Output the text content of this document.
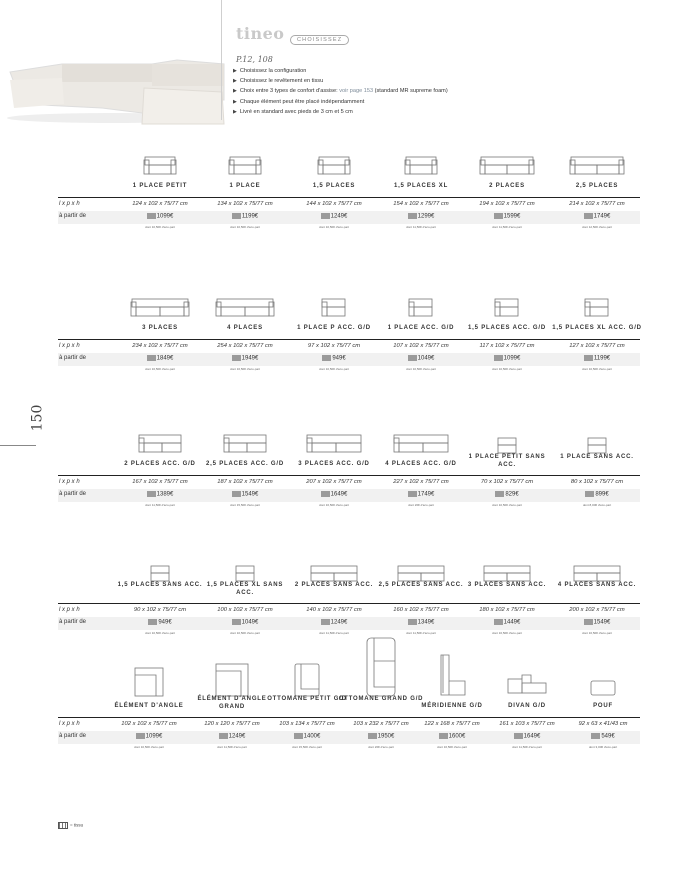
tineo	CHOISISSEZ
P.12, 108
▶ Choisissez la configuration
▶ Choisissez le revêtement en tissu
▶ Choix entre 3 types de confort d'assise: voir page 153 (standard MR supreme foam)
▶ Chaque élément peut être placé indépendamment
▶ Livré en standard avec pieds de 3 cm et 5 cm
150
l x p x h
à partir de
1 PLACE PETIT
124 x 102 x 75/77 cm
1099€
dont 10,50€ d'éco-part
1 PLACE
134 x 102 x 75/77 cm
1199€
dont 10,50€ d'éco-part
1,5 PLACES
144 x 102 x 75/77 cm
1249€
dont 10,50€ d'éco-part
1,5 PLACES XL
154 x 102 x 75/77 cm
1299€
dont 11,50€ d'éco-part
2 PLACES
194 x 102 x 75/77 cm
1599€
dont 11,50€ d'éco-part
2,5 PLACES
214 x 102 x 75/77 cm
1749€
dont 12,50€ d'éco-part
l x p x h
à partir de
3 PLACES
234 x 102 x 75/77 cm
1849€
dont 16,50€ d'éco-part
4 PLACES
254 x 102 x 75/77 cm
1949€
dont 16,50€ d'éco-part
1 PLACE P ACC. G/D
97 x 102 x 75/77 cm
949€
dont 10,50€ d'éco-part
1 PLACE ACC. G/D
107 x 102 x 75/77 cm
1049€
dont 10,50€ d'éco-part
1,5 PLACES ACC. G/D
117 x 102 x 75/77 cm
1099€
dont 10,50€ d'éco-part
1,5 PLACES XL ACC. G/D
127 x 102 x 75/77 cm
1199€
dont 10,50€ d'éco-part
l x p x h
à partir de
2 PLACES ACC. G/D
167 x 102 x 75/77 cm
1389€
dont 11,50€ d'éco-part
2,5 PLACES ACC. G/D
187 x 102 x 75/77 cm
1549€
dont 15,50€ d'éco-part
3 PLACES ACC. G/D
207 x 102 x 75/77 cm
1649€
dont 16,50€ d'éco-part
4 PLACES ACC. G/D
227 x 102 x 75/77 cm
1749€
dont 20€ d'éco-part
1 PLACE PETIT SANS ACC.
70 x 102 x 75/77 cm
829€
dont 10,50€ d'éco-part
1 PLACE SANS ACC.
80 x 102 x 75/77 cm
899€
dont 8,00€ d'éco-part
l x p x h
à partir de
1,5 PLACES SANS ACC.
90 x 102 x 75/77 cm
949€
dont 10,50€ d'éco-part
1,5 PLACES XL SANS ACC.
100 x 102 x 75/77 cm
1049€
dont 10,50€ d'éco-part
2 PLACES SANS ACC.
140 x 102 x 75/77 cm
1249€
dont 11,50€ d'éco-part
2,5 PLACES SANS ACC.
160 x 102 x 75/77 cm
1349€
dont 11,50€ d'éco-part
3 PLACES SANS ACC.
180 x 102 x 75/77 cm
1449€
dont 16,50€ d'éco-part
4 PLACES SANS ACC.
200 x 102 x 75/77 cm
1549€
dont 16,50€ d'éco-part
l x p x h
à partir de
ÉLÉMENT D'ANGLE
102 x 102 x 75/77 cm
1099€
dont 10,50€ d'éco-part
ÉLÉMENT D'ANGLE GRAND
120 x 120 x 75/77 cm
1249€
dont 11,50€ d'éco-part
OTTOMANE PETIT G/D
103 x 134 x 75/77 cm
1400€
dont 15,50€ d'éco-part
OTTOMANE GRAND G/D
103 x 232 x 75/77 cm
1950€
dont 20€ d'éco-part
MÉRIDIENNE G/D
122 x 168 x 75/77 cm
1600€
dont 16,50€ d'éco-part
DIVAN G/D
161 x 103 x 75/77 cm
1649€
dont 11,50€ d'éco-part
POUF
92 x 63 x 41/43 cm
549€
dont 3,00€ d'éco-part
= tissu
